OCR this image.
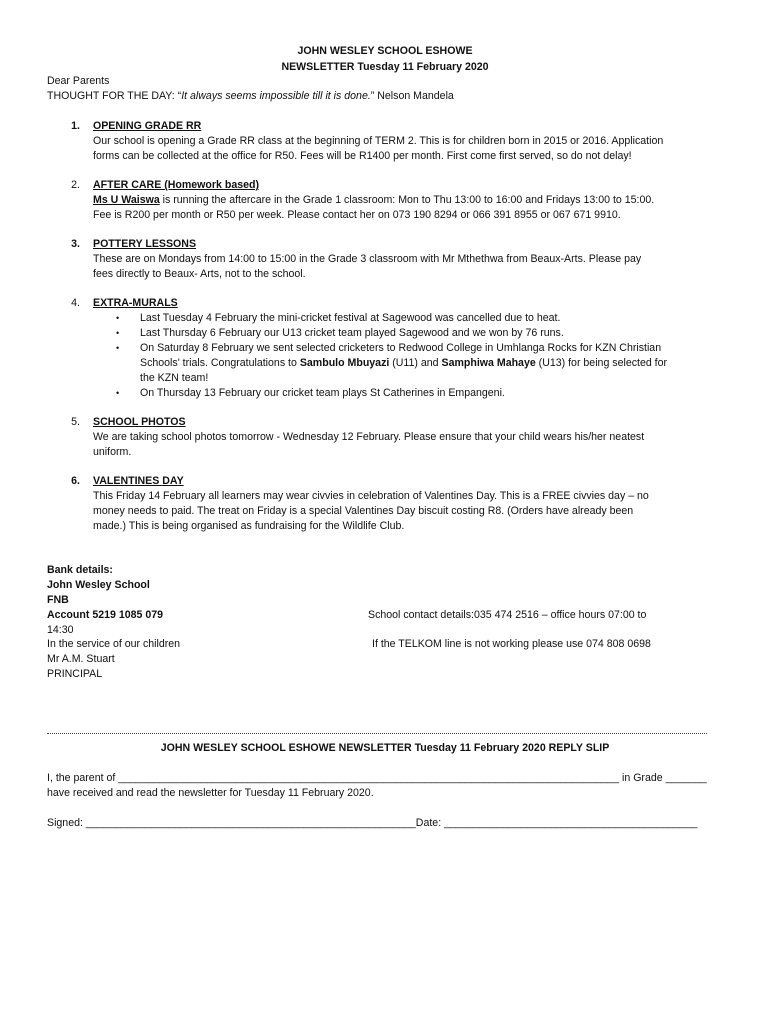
JOHN WESLEY SCHOOL ESHOWE
NEWSLETTER Tuesday 11 February 2020
Dear Parents
THOUGHT FOR THE DAY: “It always seems impossible till it is done.” Nelson Mandela
1. OPENING GRADE RR
Our school is opening a Grade RR class at the beginning of TERM 2. This is for children born in 2015 or 2016. Application
forms can be collected at the office for R50. Fees will be R1400 per month. First come first served, so do not delay!
2. AFTER CARE (Homework based)
Ms U Waiswa is running the aftercare in the Grade 1 classroom: Mon to Thu 13:00 to 16:00 and Fridays 13:00 to 15:00.
Fee is R200 per month or R50 per week. Please contact her on 073 190 8294 or 066 391 8955 or 067 671 9910.
3. POTTERY LESSONS
These are on Mondays from 14:00 to 15:00 in the Grade 3 classroom with Mr Mthethwa from Beaux-Arts. Please pay
fees directly to Beaux- Arts, not to the school.
4. EXTRA-MURALS
• Last Tuesday 4 February the mini-cricket festival at Sagewood was cancelled due to heat.
• Last Thursday 6 February our U13 cricket team played Sagewood and we won by 76 runs.
• On Saturday 8 February we sent selected cricketers to Redwood College in Umhlanga Rocks for KZN Christian
Schools' trials. Congratulations to Sambulo Mbuyazi (U11) and Samphiwa Mahaye (U13) for being selected for
the KZN team!
• On Thursday 13 February our cricket team plays St Catherines in Empangeni.
5. SCHOOL PHOTOS
We are taking school photos tomorrow - Wednesday 12 February. Please ensure that your child wears his/her neatest
uniform.
6. VALENTINES DAY
This Friday 14 February all learners may wear civvies in celebration of Valentines Day. This is a FREE civvies day – no
money needs to paid. The treat on Friday is a special Valentines Day biscuit costing R8. (Orders have already been
made.) This is being organised as fundraising for the Wildlife Club.
Bank details:
John Wesley School
FNB
Account 5219 1085 079	School contact details:035 474 2516 – office hours 07:00 to
14:30
If the TELKOM line is not working please use 074 808 0698
In the service of our children
Mr A.M. Stuart
PRINCIPAL
JOHN WESLEY SCHOOL ESHOWE NEWSLETTER Tuesday 11 February 2020 REPLY SLIP
I, the parent of _____________________________________________________________________________________ in Grade _______
have received and read the newsletter for Tuesday 11 February 2020.
Signed: ________________________________________________________Date: ___________________________________________
